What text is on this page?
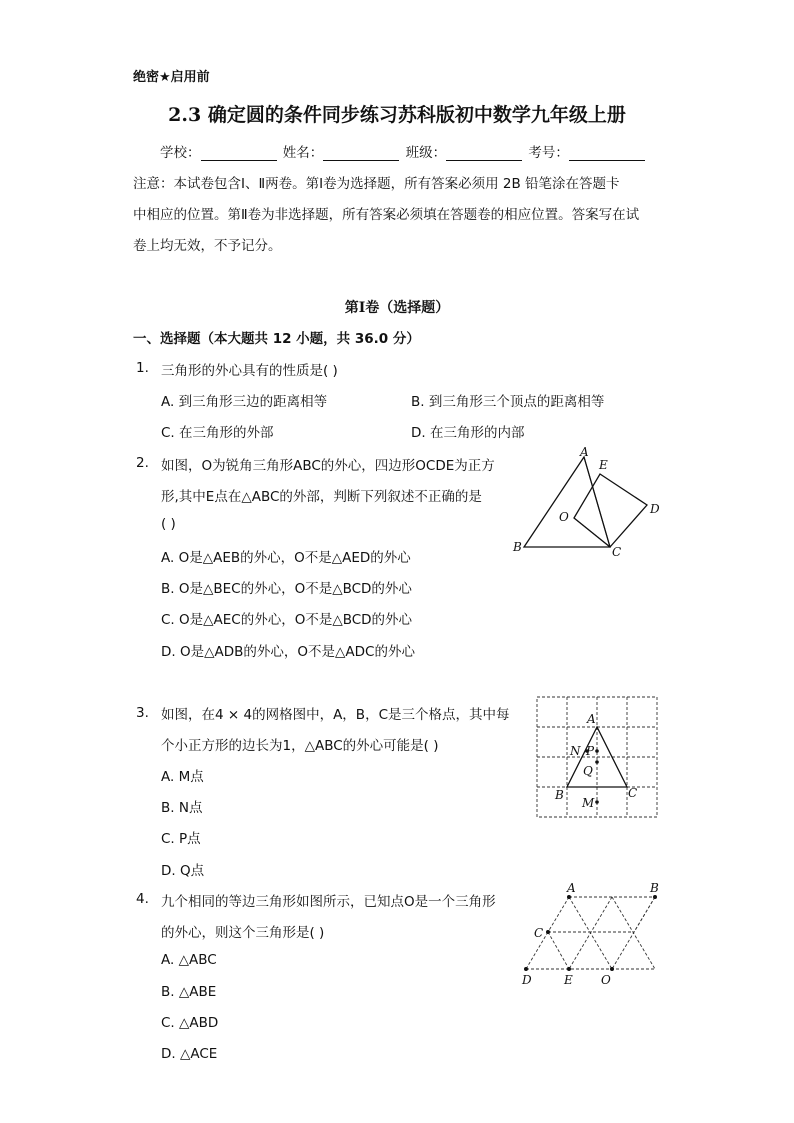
绝密★启用前
2.3 确定圆的条件同步练习苏科版初中数学九年级上册
学校：	姓名：	班级：	考号：
注意：本试卷包含Ⅰ、Ⅱ两卷。第Ⅰ卷为选择题，所有答案必须用 2B 铅笔涂在答题卡
中相应的位置。第Ⅱ卷为非选择题，所有答案必须填在答题卷的相应位置。答案写在试
卷上均无效，不予记分。
第Ⅰ卷（选择题）
一、选择题（本大题共 12 小题，共 36.0 分）
1. 三角形的外心具有的性质是( )
A. 到三角形三边的距离相等	B. 到三角形三个顶点的距离相等
C. 在三角形的外部	D. 在三角形的内部
2. 如图，O为锐角三角形ABC的外心，四边形OCDE为正方
形,其中E点在△ABC的外部，判断下列叙述不正确的是
( )
A. O是△AEB的外心，O不是△AED的外心
B. O是△BEC的外心，O不是△BCD的外心
C. O是△AEC的外心，O不是△BCD的外心
D. O是△ADB的外心，O不是△ADC的外心
A
E
O
D
B	C
3. 如图，在4 × 4的网格图中，A，B，C是三个格点，其中每
个小正方形的边长为1，△ABC的外心可能是( )
A. M点
B. N点
C. P点
D. Q点
A
N P
Q
B
M
C
4. 九个相同的等边三角形如图所示，已知点O是一个三角形
的外心，则这个三角形是( )
A. △ABC
B. △ABE
C. △ABD
D. △ACE
A	B
C
D	E O
